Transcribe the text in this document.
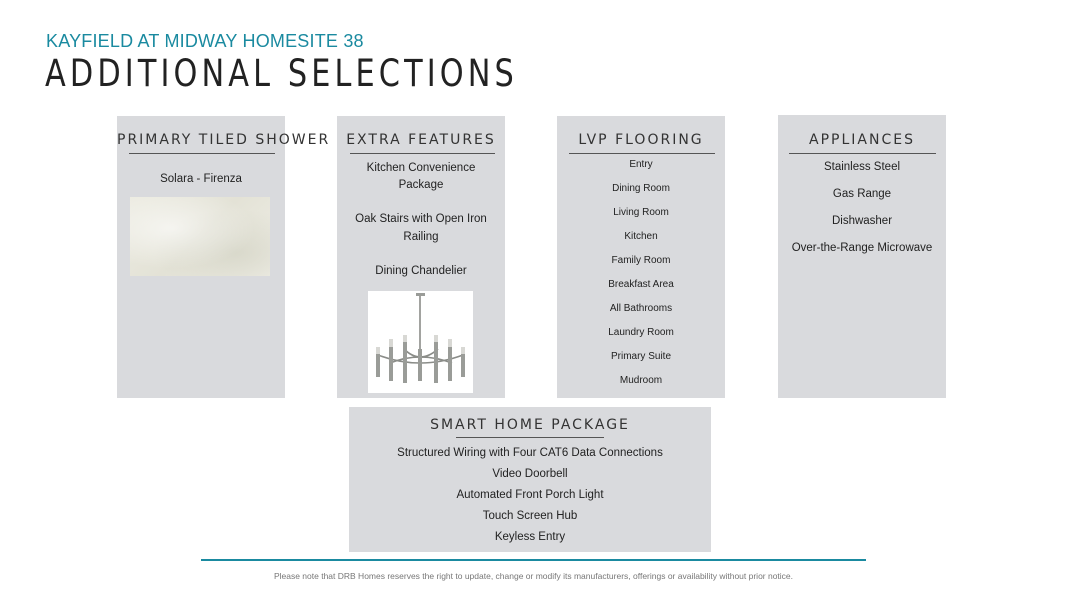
KAYFIELD AT MIDWAY HOMESITE 38
ADDITIONAL SELECTIONS
PRIMARY TILED SHOWER
Solara - Firenza
EXTRA FEATURES
Kitchen Convenience
Package
Oak Stairs with Open Iron
Railing
Dining Chandelier
LVP FLOORING
Entry
Dining Room
Living Room
Kitchen
Family Room
Breakfast Area
All Bathrooms
Laundry Room
Primary Suite
Mudroom
APPLIANCES
Stainless Steel
Gas Range
Dishwasher
Over-the-Range Microwave
SMART HOME PACKAGE
Structured Wiring with Four CAT6 Data Connections
Video Doorbell
Automated Front Porch Light
Touch Screen Hub
Keyless Entry
Please note that DRB Homes reserves the right to update, change or modify its manufacturers, offerings or availability without prior notice.
